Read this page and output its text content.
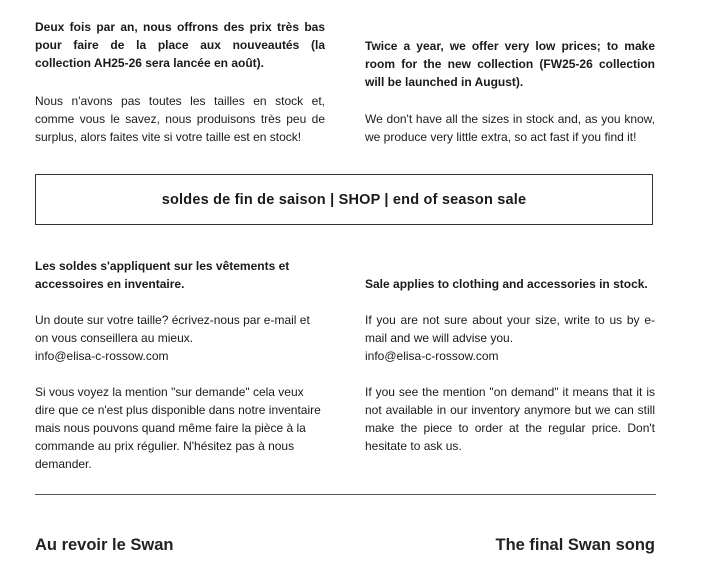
Deux fois par an, nous offrons des prix très bas pour faire de la place aux nouveautés (la collection AH25-26 sera lancée en août).
Nous n'avons pas toutes les tailles en stock et, comme vous le savez, nous produisons très peu de surplus, alors faites vite si votre taille est en stock!
Twice a year, we offer very low prices; to make room for the new collection (FW25-26 collection will be launched in August).
We don't have all the sizes in stock and, as you know, we produce very little extra, so act fast if you find it!
soldes de fin de saison | SHOP | end of season sale
Les soldes s'appliquent sur les vêtements et accessoires en inventaire.
Un doute sur votre taille? écrivez-nous par e-mail et on vous conseillera au mieux.
info@elisa-c-rossow.com
Si vous voyez la mention "sur demande" cela veux dire que ce n'est plus disponible dans notre inventaire mais nous pouvons quand même faire la pièce à la commande au prix régulier. N'hésitez pas à nous demander.
Sale applies to clothing and accessories in stock.
If you are not sure about your size, write to us by e-mail and we will advise you.
info@elisa-c-rossow.com
If you see the mention "on demand" it means that it is not available in our inventory anymore but we can still make the piece to order at the regular price. Don't hesitate to ask us.
Au revoir le Swan	The final Swan song
